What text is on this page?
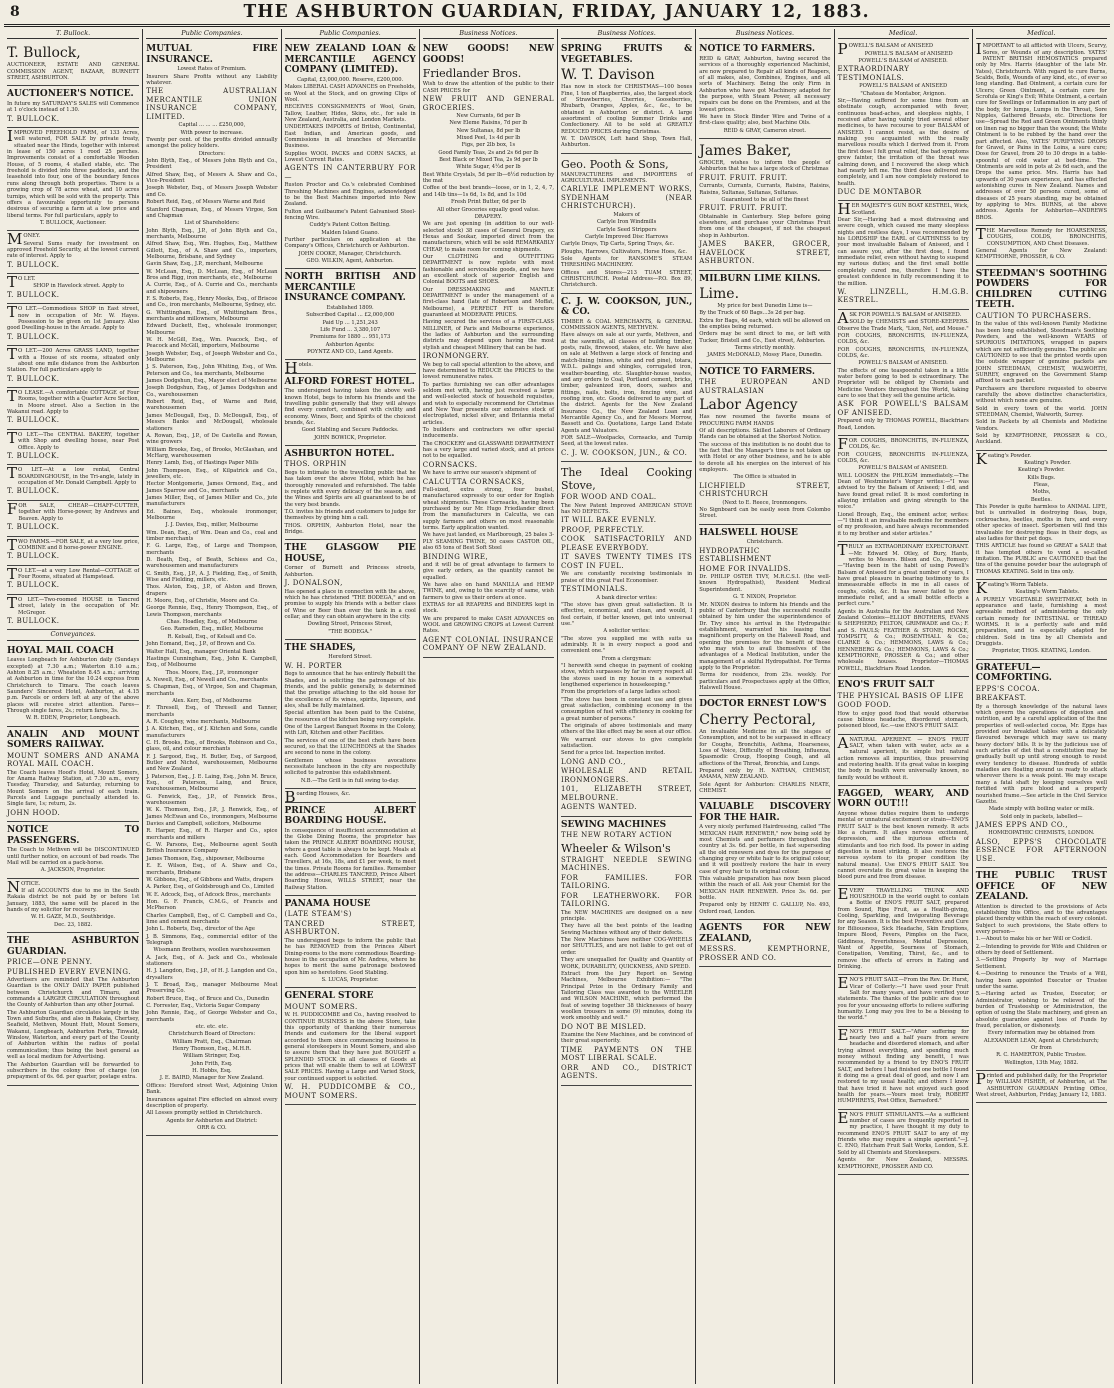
8	THE ASHBURTON GUARDIAN, FRIDAY, JANUARY 12, 1883.
T. Bullock.

T. Bullock,

AUCTIONEER, ESTATE AND GENERAL COMMISSION AGENT, BAZAAR, BURNETT STREET, ASHBURTON.

AUCTIONEER'S NOTICE.

In future my SATURDAY'S SALES will Commence at 1 o'clock instead of 1.30.

T. BULLOCK.

IMPROVED FREEHOLD FARM, of 133 Acres, well watered, FOR SALE by private treaty, situated near the Hinds, together with interest in lease of 150 acres 1 rood 25 perches. Improvements consist of a comfortable Wooden House, of 5 rooms, 4 stalled stable, etc. The freehold is divided into three paddocks, and the leasehold into four, one of the boundary fences runs along through both properties. There is a growing crop of 78 acres wheat, and 10 acres turnips, which will be sold with the property. This offers a favourable opportunity to persons desirous of securing a farm at a low price and liberal terms. For full particulars, apply to

T. BULLOCK, Auctioneer.

MONEY.

Several Sums ready for investment on approved Freehold Security, at the lowest current rate of interest. Apply to

T. BULLOCK.

TO LET.

SHOP in Havelock street. Apply to

T. BULLOCK.

TO LET.—Commodious SHOP in East street, now in occupation of Mr. W. Hayes. Possession to be given on 1st January. Also good Dwelling-house in the Arcade. Apply to

T. BULLOCK.

TO LET.—200 Acres GRASS LAND, together with a House of six rooms, situated only about one mile distance from the Ashburton Station. For full particulars apply to

T. BULLOCK.

TO LEASE.—A comfortable COTTAGE of Four Rooms, together with a Quarter Acre Section, in Moore street. Also a Section in the Wakanui road. Apply to

T. BULLOCK.

TO LET.—The CENTRAL BAKERY, together with Shop and dwelling house, near Post Office. Apply to

T. BULLOCK.

TO LET.—At a low rental, Central BOARDINGHOUSE, in the Tri-angle, lately in occupation of Mr. Donald Campbell. Apply to

T. BULLOCK.

FOR SALE, CHEAP.—CHAFF-CUTTER, together with Horse-power, by Andrews and Beaven. Apply to

T. BULLOCK.

TWO FARMS.—FOR SALE, at a very low price, COMBINE and 8 horse-power ENGINE.

T. BULLOCK.

TO LET.—at a very Low Rental—COTTAGE of Four Rooms, situated at Hampstead.

T. BULLOCK.

TO LET.—Two-roomed HOUSE in Tancred street, lately in the occupation of Mr. McGregor.

T. BULLOCK.

Conveyances.

HOYAL MAIL COACH

Leaves Longbeach for Ashburton daily (Sundays excepted) at 7.30 a.m.; Waterton 8.10 a.m.; Ashton 8.25 a.m.; Wheatston 8.45 a.m.; arriving at Ashburton in time for the 10.24 express from Christchurch to Timaru. The coach leaves Saunders' Sincerest Hotel, Ashburton, at 4.15 p.m. Parcels or orders left at any of the above places will receive strict attention. Fares—Through single fares, 2s.; return fares, 3s.

W. R. EDEN, Proprietor, Longbeach.

ANALIN AND MOUNT SOMERS RAILWAY.

MOUNT SOMERS AND ANAMA ROYAL MAIL COACH.

The Coach leaves Hood's Hotel, Mount Somers, for Anama Railway Station, at 7.30 a.m., every Tuesday, Thursday, and Saturday, returning to Mount Somers on the arrival of each train. Parcels and Luggage punctually attended to. Single fare, 1s; return, 2s.

JOHN HOOD.

NOTICE TO PASSENGERS.

The Coach to Methven will be DISCONTINUED until further notice, on account of bad roads. The Mail will be carried on a pack-horse.

A. JACKSON, Proprietor.

NOTICE.

If all ACCOUNTS due to me in the South Rakaia district be not paid by or before 1st January, 1883, the same will be placed in the hands of my solicitor for recovery.

W. H. GAZE, M.D., Southbridge.

Dec. 23, 1882.

THE ASHBURTON GUARDIAN.

PRICE—ONE PENNY.

PUBLISHED EVERY EVENING.

Advertisers are reminded that The Ashburton Guardian is the ONLY DAILY PAPER published between Christchurch and Timaru, and commands a LARGER CIRCULATION throughout the County of Ashburton than any other Journal.

The Ashburton Guardian circulates largely in the Town and Suburbs, and also in Rakaia, Chertsey, Seafield, Methven, Mount Hutt, Mount Somers, Wakanui, Longbeach, Ashburton Forks, Tinwald, Winslow, Waterton, and every part of the County of Ashburton within the radius of postal communication; thus being the best general as well as local medium for Advertising.

The Ashburton Guardian will be forwarded to subscribers in the colony free of charge (on prepayment of 6s. 6d. per quarter, postage extra.

Public Companies.

MUTUAL FIRE INSURANCE.

Lowest Rates of Premium.

Insurers Share Profits without any Liability whatever.

THE AUSTRALIAN MERCANTILE UNION INSURANCE COMPANY, LIMITED.

Capital ... ... ... £250,000,

With power to increase.

Twenty per cent. of the profits divided annually amongst the policy holders.

Directors:

John Blyth, Esq., of Messrs John Blyth and Co., President

Alfred Shaw, Esq., of Messrs A. Shaw and Co., Vice-President

Joseph Webster, Esq., of Messrs Joseph Webster and Co.

Robert Reid, Esq., of Messrs Warne and Reid

Stanford Chapman, Esq., of Messrs Virgoe, Son and Chapman

List of Shareholders:

John Blyth, Esq., J.P., of John Blyth and Co., merchants, Melbourne

Alfred Shaw, Esq., Wm. Hughes, Esq., Matthew Gillott, Esq., of A. Shaw and Co., importers, Melbourne, Brisbane, and Sydney

Gavin Shaw, Esq., J.P., merchant, Melbourne

W. McLean, Esq., D. McLean, Esq., of McLean Bros and Rigg, iron merchants, etc., Melbourne

A. Currie, Esq., of A. Currie and Co., merchants and shipowners

F. S. Roberts, Esq., Henry Meeks, Esq., of Briscoe and Co., iron merchants, Melbourne, Sydney, etc.

G. Whittingham, Esq., of Whittingham Bros., merchants and millowners, Melbourne

Edward Duckett, Esq., wholesale ironmonger, Melbourne

W. H. McGill, Esq., Wm. Peacock, Esq., of Peacock and McGill, importers, Melbourne

Joseph Webster, Esq., of Joseph Webster and Co., Melbourne

J. S. Paterson, Esq., John Whiting, Esq., of Wm. Peterson and Co., tea merchants, Melbourne

James Dodgshun, Esq., Mayor elect of Melbourne

Joseph Dodgshun, Esq., of James Dodgshun and Co., warehousemen

Robert Reid, Esq., of Warne and Reid, warehousemen

James McDougall, Esq., D. McDougall, Esq., of Messrs Banks and McDougall, wholesale stationers

A. Rowan, Esq., J.P., of De Castella and Rowan, wine growers

William Brooks, Esq., of Brooks, McGlashan, and McHarg, warehousemen

Henry Lamb, Esq., of Hastings Paper Mills

John Thompson, Esq., of Kilpatrick and Co., jewellers, etc.

Hector Montgomerie, James Ormond, Esq., and James Sparrow and Co., merchants

James Miller, Esq., of James Miller and Co., jute manufacturers

Ed. Baines, Esq., wholesale ironmonger, Melbourne

J. J. Davies, Esq., miller, Melbourne

Wm. Dean, Esq., of Wm. Dean and Co., coal and timber merchants

F. G. Large, Esq., of Large and Thompson, merchants

D. Beath, Esq., of Beath, Schiess and Co., warehousemen and manufacturers

C. Smith, Esq., J.P., A. J. Fielding, Esq., of Smith, Wise and Fielding, millers, etc.

Thos. Alston, Esq., J.P., of Alston and Brown, drapers

H. Moore, Esq., of Christie, Moore and Co.

George Rennie, Esq., Henry Thompson, Esq., of Lewis Thompson, merchants

Chas. Hoadley, Esq., of Melbourne

Geo. Ramsden, Esq., miller, Melbourne

R. Kelsall, Esq., of Kelsall and Co.

John Eomand, Esq., J.P., of Brown and Co.

Walter Hall, Esq., manager Oriental Bank

Hastings Cunningham, Esq., John K. Campbell, Esq., of Melbourne

Thos. Moore, Esq., J.P., ironmonger

A. Newell, Esq., of Newell and Co., merchants

S. Chapman, Esq., of Virgoe, Son and Chapman, merchants

Alex. Kerr, Esq., of Melbourne

F. Thresell, Esq., of Thresell and Tanner, merchants

A. R. Coughey, wine merchants, Melbourne

J. A. Kitchen, Esq., of J. Kitchen and Sons, candle manufacturers

C. H. Brooks, Esq., of Brooks, Robinson and Co., glass, oil, and colour merchants

F. J. Sargood, Esq., H. Butler, Esq., of Sargood, Butler and Nichol, warehousemen, Melbourne and New Zealand

J. Paterson, Esq., J. E. Laing, Esq., John M. Bruce, Esq., of Paterson, Laing, and Bruce, warehousemen, Melbourne

G. Fenwick, Esq., J.P., of Fenwick Bros., warehousemen

W. K. Thomson, Esq., J.P., J. Renwick, Esq., of James McEwan and Co., ironmongers, Melbourne

Davies and Campbell, solicitors, Melbourne

R. Harper, Esq., of R. Harper and Co., spice merchants and millers

C. W. Parsons, Esq., Melbourne agent South British Insurance Company

James Thomson, Esq., shipowner, Melbourne

E. E. Wilson, Esq., of A. Shaw and Co., merchants, Brisbane

W. Gibbons, Esq., of Gibbons and Watts, drapers

A. Parker, Esq., of Goldsbrough and Co., Limited

W. E. Adcock, Esq., of Adcock Bros., merchants

Hon. G. F. Francis, C.M.G., of Francis and McPherson

Charles Campbell, Esq., of C. Campbell and Co., lime and cement merchants

John L. Roberts, Esq., director of the Age

J. B. Simmons, Esq., commercial editor of the Telegraph

Wissmann Brothers, woollen warehousemen

A. Jack, Esq., of A. Jack and Co., wholesale stationers

H. J. Langdon, Esq., J.P., of H. J. Langdon and Co., drysalters

J. T. Broad, Esq., manager Melbourne Meat Preserving Co.

Robert Bruce, Esq., of Bruce and Co., Dunedin

C. Forrester, Esq., Victoria Sugar Company

John Rennie, Esq., of George Webster and Co., merchants

etc. etc. etc.

Christchurch Board of Directors:

William Pratt, Esq., Chairman

Henry Thomson, Esq., M.H.R.

William Stringer, Esq.

John Frith, Esq.

H. Hobbs, Esq.

J. E. BAIRD, Manager for New Zealand.

Offices: Hereford street West, Adjoining Union Bank.

Insurances against Fire effected on almost every description of property.

All Losses promptly settled in Christchurch.

Agents for Ashburton and District:

ORR & CO.

Public Companies.

NEW ZEALAND LOAN & MERCANTILE AGENCY COMPANY (LIMITED).

Capital, £3,000,000. Reserve, £200,000.

Makes LIBERAL CASH ADVANCES on Freeholds, on Wool at the Stock, and on growing Clips of Wool.

RECEIVES CONSIGNMENTS of Wool, Grain, Tallow, Leather, Hides, Skins, etc., for sale in New Zealand, Australia, and London Markets.

UNDERTAKES IMPORTS of British, Continental, East Indian, and American goods, and Commissions in all branches of Mercantile Business.

Supplies WOOL PACKS and CORN SACKS, at Lowest Current Rates.

AGENTS IN CANTERBURY FOR—

Ruston Proctor and Co.'s celebrated Combined Threshing Machines and Engines, acknowledged to be the Best Machines imported into New Zealand.

Fulton and Guilbaume's Patent Galvanised Steel-fencing Wire.

Cuddy's Patent Cotton Belting.

Malden Island Guano.

Further particulars on application at the Company's Offices, Christchurch or Ashburton.

JOHN COOKE, Manager, Christchurch.

GEO. WILKIN, Agent, Ashburton.

NORTH BRITISH AND MERCANTILE INSURANCE COMPANY.

Established 1809.

Subscribed Capital ... £2,000,000

Paid Up ... 1,251,243

Life Fund ... 3,380,107

Premiums for 1880 ... 951,173

Ashburton Agents:

POYNTZ AND CO., Land Agents.

Hotels.

ALFORD FOREST HOTEL.

The undersigned having taken the above well-known Hotel, begs to inform his friends and the travelling public generally that they will always find every comfort, combined with civility and economy. Wines, Beer, and Spirits of the choicest brands, &c.

Good Stabling and Secure Paddocks.

JOHN BOWICK, Proprietor.

ASHBURTON HOTEL.

THOS. ORPHIN

Begs to intimate to the travelling public that he has taken over the above Hotel, which he has thoroughly renovated and refurnished. The table is replete with every delicacy of the season, and the Wines and Spirits are all guaranteed to be of the very best brands.

T.O. invites his friends and customers to judge for themselves by giving him a call.

THOS. ORPHIN, Ashburton Hotel, near the Bridge.

THE GLASGOW PIE HOUSE,

Corner of Burnett and Princess streets, Ashburton.

J. DONALSON,

Has opened a place in connection with the above, which he has christened "THE BODEGA," and on promise to supply his friends with a better class of Wine or Beer than ever the tank in a cool cellar, and they can obtain anywhere in the city.

Dowling Street, Princess Street,

"THE BODEGA."

THE SHADES,

Hereford Street.

W. H. PORTER

Begs to announce that he has entirely Rebuilt the Shades, and is soliciting the patronage of his friends, and the public generally, is determined that the prestige attaching to the old house for the excellence of its wines, spirits, liqueurs, and ales, shall be fully maintained.

Special attention has been paid to the Cuisine, the resources of the kitchen being very complete.

One of the Largest Banquet Rooms in the Colony, with Lift, Kitchen and other Facilities.

The services of one of the best chefs have been secured, so that the LUNCHEONS at the Shades are second to none in the colony.

Gentlemen whose business avocations necessitate luncheon in the city are respectfully solicited to patronise this establishment.

N.B.—The Grill is in full swing to-day.

Boarding Houses, &c.

PRINCE ALBERT BOARDING HOUSE.

In consequence of insufficient accommodation at the Globe Dining Rooms, the proprietor has taken the PRINCE ALBERT BOARDING HOUSE, where a good table is always to be kept. Meals at each. Good Accommodation for Boarders and Travellers, at 16s, 18s, and £1 per week, to meet the times. Private Rooms for families. Remember the address—CHARLES TANCRED, Prince Albert Boarding House, WILLS STREET, near the Railway Station.

PANAMA HOUSE

(LATE STEAM'S)

TANCRED STREET, ASHBURTON.

The undersigned begs to inform the public that he has REMOVED from the Princes Albert Dining-rooms to the more commodious Boarding-house in the occupation of Mr. Andres, where he hopes to merit the same patronage bestowed upon him so heretofore. Good Stabling.

S. LUCAS, Proprietor.

GENERAL STORE

MOUNT SOMERS.

W. H. PUDDICOMBE and Co., having resolved to CONTINUE BUSINESS in the above Store, take this opportunity of thanking their numerous friends and customers for the liberal support accorded to them since commencing business in general storekeepers in Mount Somers, and also to assure them that they have just BOUGHT a SPLENDID STOCK in all classes of Goods at prices that will enable them to sell at LOWEST SALE PRICES. Having a Large and Varied Stock, your continued support is solicited.

W. H. PUDDICOMBE & CO., MOUNT SOMERS.

Business Notices.

NEW GOODS! NEW GOODS!

Friedlander Bros.

Wish to draw the attention of the public to their CASH PRICES for

NEW FRUIT AND GENERAL GROCERIES.

New Currants, 6d per lb

New Eleme Raisins, 7d per lb

New Sultanas, 8d per lb

Mixed Peel, 1s 4d per lb

Figs, per 2lb box, 1s

Good Family Teas, 2s and 2s 6d per lb

Best Black or Mixed Tea, 2s 9d per lb

White Sugar, 4½d per lb

Best White Crystals, 5d per lb—6½d reduction by the mat

Coffee of the best brands—loose, or in 1, 2, 4, 7, and 14lb tins—1s 6d, 1s 8d, and 1s 10d

Fresh Print Butter, 6d per lb

All other Groceries equally good value.

DRAPERY.

We are just opening (in addition to our well-selected stock) 38 cases of General Drapery, ex Hexas and Soukar, imported direct from the manufacturers, which will be sold REMARKABLY CHEAP, to make room for coming shipments.

Our CLOTHING and OUTFITTING DEPARTMENT is now replete with most fashionable and serviceable goods, and we have an excellent stock of superior English and Colonial BOOTS and SHOES.

Our DRESSMAKING and MANTLE DEPARTMENT is under the management of a first-class hand (late of Robertson and Moffat, Melbourne), a PERFECT FIT is therefore guaranteed at MODERATE PRICES.

Having secured the services of a FIRST-CLASS MILLINER, of Paris and Melbourne experience, the ladies of Ashburton and the surrounding districts may depend upon having the most stylish and cheapest Millinery that can be had.

IRONMONGERY.

We beg to call special attention to the above, and have determined to REDUCE the PRICES to the lowest remunerative rates.

To parties furnishing we can offer advantages seldom met with, having just received a large and well-selected stock of household requisites, and wish to especially recommend for Christmas and New Year presents our extensive stock of electroplated, nickel silver, and Britannia metal articles.

To builders and contractors we offer special inducements.

The CROCKERY and GLASSWARE DEPARTMENT has a very large and varied stock, and at prices not to be equalled.

CORNSACKS.

We have to arrive our season's shipment of

CALCUTTA CORNSACKS,

Full-sized, extra strong, four bushel, manufactured expressly to our order for English wheat shipments. These Cornsacks, having been purchased by our Mr. Hugo Friedlander direct from the manufacturers in Calcutta, we can supply farmers and others on most reasonable terms. Early application wanted.

We have just landed, ex Marlborough, 25 bales 3-PLY SEAMING TWINE, 50 cases CASTOR OIL, also 65 tons of Best Soft Steel

BINDING WIRE,

and it will be of great advantage to farmers to give early orders, as the quantity cannot be equalled.

We have also on hand MANILLA and HEMP TWINE, and, owing to the scarcity of same, wish farmers to give us their orders at once.

EXTRAS for all REAPERS and BINDERS kept in stock.

We are prepared to make CASH ADVANCES on WOOL and GROWING CROPS at Lowest Current Rates.

AGENT COLONIAL INSURANCE COMPANY OF NEW ZEALAND.

Business Notices.

SPRING FRUITS & VEGETABLES.

W. T. Davison

Has now in stock for CHRISTMAS—100 boxes Fine, 1 ton of Raspberries, also, the largest stock of Strawberries, Cherries, Gooseberries, Rhubarb, Oranges, Apples, &c., &c., to be obtained in Ashburton or district. A large assortment of cooling Summer Drinks and Confectionery. All to be sold at GREATLY REDUCED PRICES during Christmas.

W. T. DAVISON, Left hand Shop, Town Hall, Ashburton.

Geo. Pooth & Sons,

MANUFACTURERS and IMPORTERS of AGRICULTURAL IMPLEMENTS.

CARLYLE IMPLEMENT WORKS, SYDENHAM (NEAR CHRISTCHURCH).

Makers of

Carlyle Iron Windmills

Carlyle Seed Strippers

Carlyle Improved Disc Harrows

Carlyle Drays, Tip Carts, Spring Trays, &c.

Ploughs, Harrows, Cultivators, Horse Hoes, &c.

Sole Agents for RANSOME'S STEAM THRESHING MACHINERY.

Offices and Stores—213 TUAM STREET, CHRISTCHURCH. Postal Address—P.O. Box 89, Christchurch.

C. J. W. COOKSON, JUN., & CO.

TIMBER & COAL MERCHANTS, & GENERAL COMMISSION AGENTS, METHVEN.

Have always on sale at our yards, Methven, and at the sawmills, all classes of building timber, posts, rails, firewood, stakes, etc. We have also on sale at Methven a large stock of fencing and match-lining (nines, white and red pine), totara, W.D.L. palings and shingles, corrugated iron, weather-boarding, etc. Slaughter-house wastes, and any orders to Coal, Portland cement, bricks, timber, galvanized iron, doors, sashes and fittings, nails, bolts, iron, fencing wire, and roofing iron, etc. Goods delivered to any part of the district. Agents for the New Zealand Insurance Co., the New Zealand Loan and Mercantile Agency Co., and for Messrs Morrow, Bassett and Co. Quotations, Large Land Estate Agents and Valuators.

FOR SALE—Woolpacks, Cornsacks, and Turnip Seed, at the lowest rates.

C. J. W. COOKSON, JUN., & CO.

The Ideal Cooking Stove,

FOR WOOD AND COAL.

The New Patent Improved AMERICAN STOVE has NO DEFECTS.

IT WILL BAKE EVENLY.

PROOF, PERFECTLY.

COOK SATISFACTORILY AND PLEASE EVERYBODY.

IT SAVES TWENTY TIMES ITS COST IN FUEL.

We are constantly receiving testimonials in praise of this great Fuel Economiser.

TESTIMONIALS.

A bank director writes:

"The stove has given great satisfaction. It is effective, economical, and clean, and would, I feel certain, if better known, get into universal use."

A solicitor writes:

"The stove you supplied me with suits us admirably. It is in every respect a good and convenient one."

From a clergyman:

"I herewith send cheque in payment of cooking stove, which surpasses by far in every respect all the stoves used in my house in a somewhat lengthened experience in housekeeping."

From the proprietors of a large ladies school:

"The stove has been in constant use and gives great satisfaction, combining economy in the consumption of fuel with efficiency in cooking for a great number of persons."

The originals of above testimonials and many others of the like effect may be seen at our office.

We warrant our stoves to give complete satisfaction.

Send for a price list. Inspection invited.

LONG AND CO.,

WHOLESALE AND RETAIL IRONMONGERS.

101, ELIZABETH STREET, MELBOURNE.

AGENTS WANTED.

SEWING MACHINES

THE NEW ROTARY ACTION

Wheeler & Wilson's

STRAIGHT NEEDLE SEWING MACHINES.

FOR FAMILIES. FOR TAILORING.

FOR LEATHERWORK. FOR TAILORING.

The NEW MACHINES are designed on a new principle.

They have all the best points of the leading Sewing Machines without any of their defects.

The New Machines have neither COG-WHEELS nor SHUTTLES, and are not liable to get out of order.

They are unequalled for Quality and Quantity of WORK, DURABILITY, QUICKNESS, AND SPEED.

Extract from the Jury Report on Sewing Machines, Melbourne Exhibition:— "The Principal Prize in the Ordinary Family and Tailoring Class was awarded to the WHEELER and WILSON MACHINE, which performed the feat of sewing together 38 thicknesses of heavy woollen trousers in some (9) minutes, doing its work smoothly and well."

DO NOT BE MISLED.

Examine the New Machines, and be convinced of their great superiority.

TIME PAYMENTS ON THE MOST LIBERAL SCALE.

ORR AND CO., DISTRICT AGENTS.

Business Notices.

NOTICE TO FARMERS.

REID & GRAY, Ashburton, having secured the services of a thoroughly experienced Machinist, are now prepared to Repair all kinds of Reapers, of all makes, also, Combines, Engines, and all sorts of Machinery. Being the only Firm in Ashburton who have got Machinery adapted for the purpose, with Steam Power, all necessary repairs can be done on the Premises, and at the lowest prices.

We have in Stock Binder Wire and Twine of a first-class quality; also, best Machine Oils.

REID & GRAY, Cameron street.

James Baker,

GROCER, wishes to inform the people of Ashburton that he has a large stock of Christmas

FRUIT. FRUIT. FRUIT.

Currants, Currants, Currants, Raisins, Raisins, Raisins, Sultanas, Sultanas, Sultanas.

Guaranteed to be all of the finest

FRUIT. FRUIT. FRUIT.

Obtainable in Canterbury. Step before going elsewhere, and purchase your Christmas Fruit from one of the cheapest, if not the cheapest shop in Ashburton.

JAMES BAKER, GROCER, HAVELOCK STREET, ASHBURTON.

MILBURN LIME KILNS.

Lime.

My price for best Dunedin Lime is—

By the Truck of 60 Bags...3s 2d per bag.

Extra for Bags, 4d each, which will be allowed on the empties being returned.

Orders may be sent direct to me, or left with Tucker, Bristell and Co., East street, Ashburton.

Terms strictly monthly.

JAMES McDONALD, Mossy Place, Dunedin.

NOTICE TO FARMERS.

THE EUROPEAN AND AUSTRALASIAN

Labor Agency

Has now resumed the favorite means of PROCURING FARM HANDS

Of all descriptions. Skilled Laborers of Ordinary Hands can be obtained at the Shortest Notice.

The success of this institution is no doubt due to the fact that the Manager's time is not taken up with Hotel or any other business, and he is able to devote all his energies on the interest of his employers.

The Office is situated in

LICHFIELD STREET, CHRISTCHURCH

(Next to E. Reece, Ironmongers.

No Signboard can be easily seen from Colombo Street.

HALSWELL HOUSE

Christchurch.

HYDROPATHIC ESTABLISHMENT

HOME FOR INVALIDS.

Dr. PHILIP OSTER TIVY, M.R.C.S.I. (the well-known Hydropathist), Resident Medical Superintendent.

G. T. NIXON, Proprietor.

Mr. NIXON desires to inform his friends and the public of Canterbury that the successful results obtained by him under the superintendence of Dr. Tivy since his arrival in the Hydropathic establishment, warranted his leasing that magnificent property on the Halswell Road, and opening the premises for the benefit of those who may wish to avail themselves of the advantages of a Medical Institution, under the management of a skilful Hydropathist. For Terms apply to the Proprietor.

Terms for residence, from 25s. weekly. For particulars and Prospectuses apply at the Office, Halswell House.

DOCTOR ERNEST LOW'S

Cherry Pectoral,

An invaluable Medicine in all the stages of Consumption, and not to be surpassed in efficacy for Coughs, Bronchitis, Asthma, Hoarseness, Loss of Voice, Difficulty of Breathing, Influenza, Spasmodic Croup, Hooping Cough, and all affections of the Throat, Bronchia, and Lungs.

Prepared only by H. NATHAN, CHEMIST, AMAMA, NEW ZEALAND.

Sole Agent for Ashburton: CHARLES NEATE, CHEMIST.

VALUABLE DISCOVERY FOR THE HAIR.

A very nicely perfumed Hairdressing, called "The MEXICAN HAIR RENEWER," now being sold by most Chemists and perfumers throughout the country at 3s. 6d. per bottle, in fast superseding all the old renewers and dyes for the purpose of changing grey or white hair to its original colour, and it will positively restore the hair in every case of grey hair to its original colour.

This valuable preparation has now been placed within the reach of all. Ask your Chemist for the MEXICAN HAIR RENEWER. Price 3s. 6d. per bottle.

Prepared only by HENRY C. GALLUP, No. 493, Oxford road, London.

AGENTS FOR NEW ZEALAND,

MESSRS. KEMPTHORNE, PROSSER AND CO.

Medical.

POWELL'S BALSAM of ANISEED

POWELL'S BALSAM of ANISEED

POWELL'S BALSAM of ANISEED.

EXTRAORDINARY TESTIMONIALS.

POWELL'S BALSAM of ANISEED

"Chateau de Montabor, Avignon.

Sir,—Having suffered for some time from an obstinate cough, accompanied with fever, continuous head-aches, and sleepless nights, I received after having vainly tried several other medicines, to have recourse to your BALSAM of ANISEED. I cannot resist, as the desire of making you acquainted with the really marvellous results which I derived from it. From the first dose I felt great relief, the bad symptoms grew fainter, the irritation of the throat was calming down, and I recovered the sleep which had nearly left me. The third dose delivered me completely, and I am now completely restored to health.

DUC DE MONTABOR

HER MAJESTY'S GUN BOAT KESTREL, Wick, Scotland.

Dear Sir,—Having had a most distressing and severe cough, which caused me many sleepless nights and restless days, I was recommended by his LORDSHIP the EARL of CAITHNESS to try your most invaluable Balsam of Aniseed, and I can assure you, after the first dose, I found immediate relief, even without having to suspend my various duties; and the first small bottle completely cured me, therefore I have the greatest confidence in fully recommending it to the million.

W. LINZELL, H.M.G.B. KESTREL.

ASK FOR POWELL'S BALSAM of ANISEED.

SOLD by CHEMISTS and STORE-KEEPERS. Observe the Trade Mark, "Lion, Net, and Mouse."

FOR COUGHS, BRONCHITIS, IN-FLUENZA, COLDS, &c.

FOR COUGHS, BRONCHITIS, IN-FLUENZA, COLDS, &c.

POWELL'S BALSAM of ANISEED.

The effects of one teaspoonful taken in a little water before going to bed is extraordinary. The Proprietor will be obliged by Chemists and Medicine Vendors throughout the World, taking care to see that they sell the genuine article.

ASK FOR POWELL'S BALSAM OF ANISEED.

Prepared only by THOMAS POWELL, Blackfriars Road, London.

FOR COUGHS, BRONCHITIS, IN-FLUENZA, COLDS, &c.

FOR COUGHS, BRONCHITIS IN-FLUENZA, COLDS, &c.

POWELL'S BALSAM of ANISEED.

WILL LOOSEN the PHLEGM immediately.—The Dean of Westminster's Verger writes:—"I was advised to try the Balsam of Aniseed; I did, and have found great relief. It is most comforting in allaying irritation and giving strength to the voice."

Lionel Brough, Esq., the eminent actor, writes:—"I think it an invaluable medicine for members of my profession, and have always recommended it to my brother and sister artistes."

TRULY an EXTRAORDINARY EXPECTORANT.—Mr. Edward M. Otley, of Bury, Hants, writes to Messrs. Bilson and Co., Romsey:—"Having been in the habit of using Powell's Balsam of Aniseed for a great number of years, I have great pleasure in bearing testimony to its immeasurable effects in me in all cases of coughs, colds, &c. It has never failed to give immediate relief, and a small bottle effects a perfect cure."

Agents in Australia for the Australian and New Zealand Colonies—ELLIOT BROTHERS, EVANS & SHEPHERD; FELTON, GRIMWADE and Co.; F. and S. FAULS; FEATHER & STONE; ROCKE, TOMPSITT, & Co.; ROSENTHALL & Co.; CLARKE & Co.; HEMMONS, LAWS & Co.; HENNEBERG & Co.; HEMMONS, LAWS & Co.; KEMPTHORNE, PROSSER & Co.; and other wholesale houses. Proprietor—THOMAS POWELL, Blackfriars Road London.

ENO'S FRUIT SALT

THE PHYSICAL BASIS OF LIFE

GOOD FOOD.

How to enjoy good food that would otherwise cause bilious headache, disordered stomach, poisoned blood, &c.—use ENO'S FRUIT SALT.

ANATURAL APERIENT. — ENO'S FRUIT SALT, when taken with water, acts as a natural aperient, its simple but natural action removes all impurities, thus preserving and restoring health. If its great value in keeping the body in health were universally known, no family would be without it.

FAGGED, WEARY, AND WORN OUT!!!

Anyone whose duties require them to undergo mental or unnatural excitement or strain—ENO'S FRUIT SALT is the best known remedy. It acts like a charm. It allays nervous excitement, depression, and the injurious effects of stimulants and too rich food. Its power in aiding digestion is most striking. It also restores the nervous system to its proper condition (by natural means). Use ENO'S FRUIT SALT. You cannot overstate its great value in keeping the blood pure and free from disease.

EVERY TRAVELLING TRUNK AND HOUSEHOLD in the world ought to contain a Bottle of ENO'S FRUIT SALT, prepared from Sound, Ripe Fruit, as a Health-giving, Cooling, Sparkling, and Invigorating Beverage for any Season. It is the best Preventive and Cure for Biliousness, Sick Headache, Skin Eruptions, Impure Blood, Fevers, Pimples on the Face, Giddiness, Feverishness, Mental Depression, Want of Appetite, Sourness of Stomach, Constipation, Vomiting, Thirst, &c., and to remove the effects of errors in Eating and Drinking.

ENO'S FRUIT SALT.—From the Rev. Dr. Hurst, Vicar of Collerly:—"I have used your Fruit Salt for many years, and have verified your statements. The thanks of the public are due to you for your unceasing efforts to relieve suffering humanity. Long may you live to be a blessing to the world."

ENO'S FRUIT SALT.—"After suffering for nearly two and a half years from severe headache and disordered stomach, and after trying almost everything, and spending much money without finding any benefit, I was recommended by a friend to try ENO'S FRUIT SALT, and before I had finished one bottle I found it doing me a great deal of good, and now I am restored to my usual health; and others I know that have tried it have not enjoyed such good health for years.—Yours most truly, ROBERT HUMPHREYS, Post Office, Barrasford."

ENO'S FRUIT STIMULANTS.—As a sufficient number of cases are frequently reported in my practice, I have thought it my duty to recommend ENO'S FRUIT SALT to any of my friends who may require a simple aperient."—J. C. ENO, Hatcham Fruit Salt Works, London, S.E. Sold by all Chemists and Storekeepers.

Agents for New Zealand, MESSRS. KEMPTHORNE, PROSSER AND CO.

Medical.

IMPORTANT to all afflicted with Ulcers, Scurvy, Sores, or Wounds of any description. YATES' PATENT BRITISH HEMOSTATICS prepared only by Mrs. Harris (daughter of the late Mr. Yates), Christchurch. With regard to cure Burns, Scalds, Boils, Wounds of any kind, etc., of ever so long standing. Bad Ointment, a certain cure for Ulcers; Green Ointment, a certain cure for Scrofula or King's Evil; White Ointment, a certain cure for Swellings or Inflammation in any part of the body, for lumps, Lumps in the Throat, Sore Nipples, Gathered Breasts, etc. Directions for use—Spread the Red and Green Ointments thinly on linen rag no bigger than the wound; the White Ointment is to be rubbed by the hand over the part affected. Also, YATES' PURIFYING DROPS for Gravel, or Pains in the Loins, a sure cure; Dose for Gravel, from 20 to 30 drops in a table-spoonful of cold water at bed-time. The Ointments are sold in pots at 2s 6d each, and the Drops the same price. Mrs. Harris has had upwards of 30 years experience, and has effected astonishing cures in New Zealand. Names and addresses of over 50 persons cured, some of diseases of 25 years standing, may be obtained by applying to Mrs. BURNS, at the above address. Agents for Ashburton—ANDREWS BROS.

THE Marvellous Remedy for HOARSENESS, COUGHS, COLDS, BRONCHITIS, CONSUMPTION, AND Chest Diseases.

General Agents for New Zealand: KEMPTHORNE, PROSSER, & CO.

STEEDMAN'S SOOTHING POWDERS FOR CHILDREN CUTTING TEETH.

CAUTION TO PURCHASERS.

In the value of this well-known Family Medicine has been long established, Steedman's Soothing Powders, and the well-known WEARS of SPURIOUS IMITATIONS, wrapped in papers which are not sufficiently genuine. The public are CAUTIONED to see that the printed words upon the outside wrapper of genuine packets are JOHN STEEDMAN, CHEMIST, WALWORTH, SURREY, engraved on the Government Stamp affixed to each packet.

Purchasers are therefore requested to observe carefully the above distinctive characteristics, without which none are genuine.

Sold in every town of the world. JOHN STEEDMAN, Chemist, Walworth, Surrey.

Sold in Packets by all Chemists and Medicine Vendors.

Sold by KEMPTHORNE, PROSSER & CO., Auckland.

Keating's Powder.

Keating's Powder.

Keating's Powder.

Kills Bugs.

Fleas,

Moths,

Beetles.

This Powder is quite harmless to ANIMAL LIFE, but is unrivalled in destroying fleas, bugs, cockroaches, beetles, moths in furs, and every other species of insect. Sportsmen will find this invaluable for destroying fleas in their dogs, as also ladies for their pet dogs.

THIS ARTICLE has found so GREAT a SALE that it has tempted others to vend a so-called imitation. The PUBLIC are CAUTIONED that the tins of the genuine powder bear the autograph of THOMAS KEATING. Sold in tins only.

Keating's Worm Tablets.

Keating's Worm Tablets.

A PURELY VEGETABLE SWEETMEAT, both in appearance and taste, furnishing a most agreeable method of administering the only certain remedy for INTESTINAL or THREAD WORMS. It is a perfectly safe and mild preparation, and is especially adapted for children. Sold in tins by all Chemists and Druggists.

Proprietor, THOS. KEATING, London.

GRATEFUL—COMFORTING.

EPPS'S COCOA.

BREAKFAST.

By a thorough knowledge of the natural laws which govern the operations of digestion and nutrition, and by a careful application of the fine properties of well-selected cocoa, Mr. Epps has provided our breakfast tables with a delicately flavoured beverage which may save us many heavy doctors' bills. It is by the judicious use of such articles of diet that a constitution may be gradually built up until strong enough to resist every tendency to disease. Hundreds of subtle maladies are floating around us ready to attack wherever there is a weak point. We may escape many a fatal shaft by keeping ourselves well fortified with pure blood and a properly nourished frame.—See article in the Civil Service Gazette.

Made simply with boiling water or milk.

Sold only in packets, labelled—

JAMES EPPS AND CO.,

HOMŒOPATHIC CHEMISTS, LONDON.

ALSO, EPPS'S CHOCOLATE ESSENCE FOR AFTERNOON USE.

THE PUBLIC TRUST OFFICE OF NEW ZEALAND.

Attention is directed to the provisions of Acts establishing this Office, and to the advantages placed thereby within the reach of every colonist. Subject to such provisions, the State offers to every person—

1.—About to make his or her Will or Codicil.

2.—Intending to provide for Wife and Children or others by deed of Settlement.

3.—Settling Property by way of Marriage Settlement.

4.—Desiring to renounce the Trusts of a Will, having been appointed Executor or Trustee under the same.

5.—Having acted as Trustee, Executor, or Administrator, wishing to be relieved of the burden of Trusteeship or Administration, the option of using the State machinery, and given an absolute guarantee against loss of Funds by fraud, peculation, or dishonesty.

Every information may be obtained from

ALEXANDER LEAN, Agent at Christchurch;

Or from

R. C. HAMERTON, Public Trustee.

Wellington, 13th May, 1882.

Printed and published daily, for the Proprietor by WILLIAM FISHER, of Ashburton, at The ASHBURTON GUARDIAN Printing Office, West street, Ashburton, Friday, January 12, 1883.
